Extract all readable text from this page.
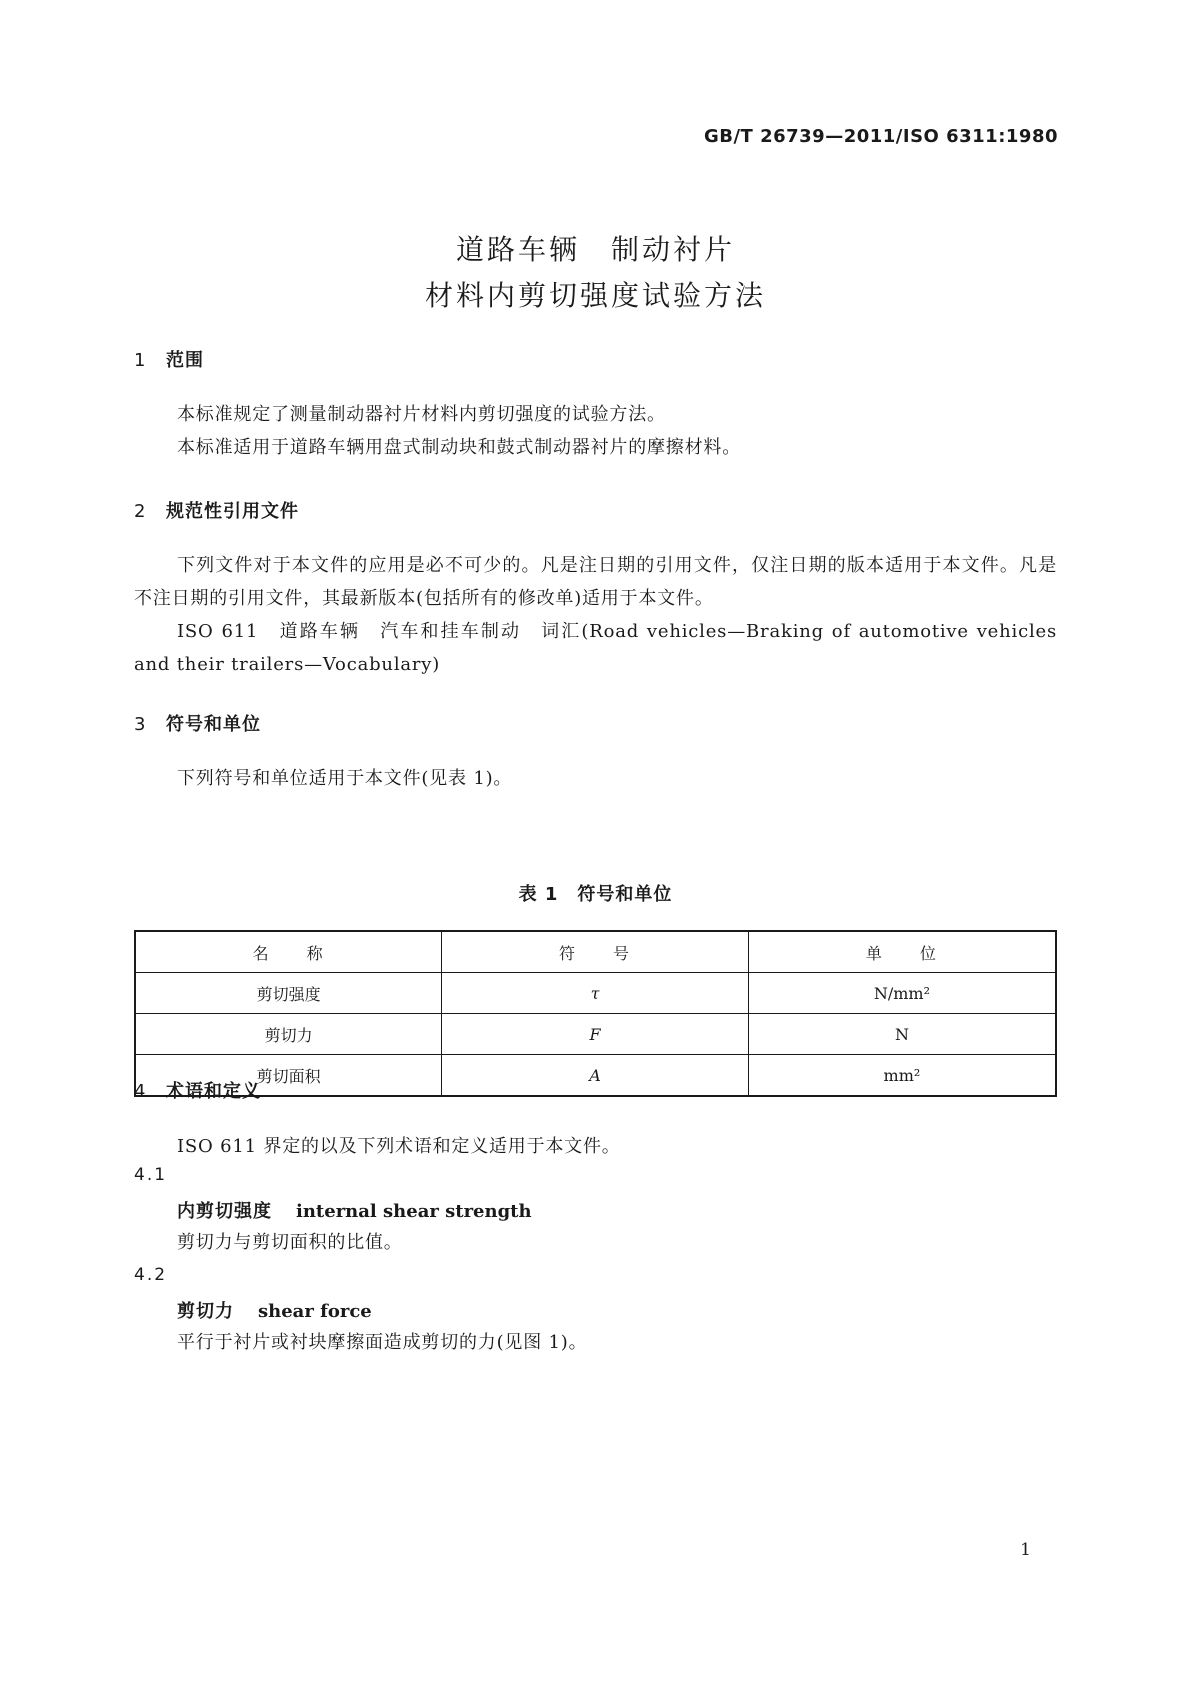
GB/T 26739—2011/ISO 6311:1980
道路车辆　制动衬片
材料内剪切强度试验方法
1 范围
本标准规定了测量制动器衬片材料内剪切强度的试验方法。
本标准适用于道路车辆用盘式制动块和鼓式制动器衬片的摩擦材料。
2 规范性引用文件
下列文件对于本文件的应用是必不可少的。凡是注日期的引用文件，仅注日期的版本适用于本文件。凡是不注日期的引用文件，其最新版本(包括所有的修改单)适用于本文件。
ISO 611　道路车辆　汽车和挂车制动　词汇(Road vehicles—Braking of automotive vehicles and their trailers—Vocabulary)
3 符号和单位
下列符号和单位适用于本文件(见表 1)。
表 1　符号和单位
名　　称	符　　号	单　　位
剪切强度	τ	N/mm²
剪切力	F	N
剪切面积	A	mm²
4 术语和定义
ISO 611 界定的以及下列术语和定义适用于本文件。
4.1
内剪切强度 internal shear strength
剪切力与剪切面积的比值。
4.2
剪切力 shear force
平行于衬片或衬块摩擦面造成剪切的力(见图 1)。
1
